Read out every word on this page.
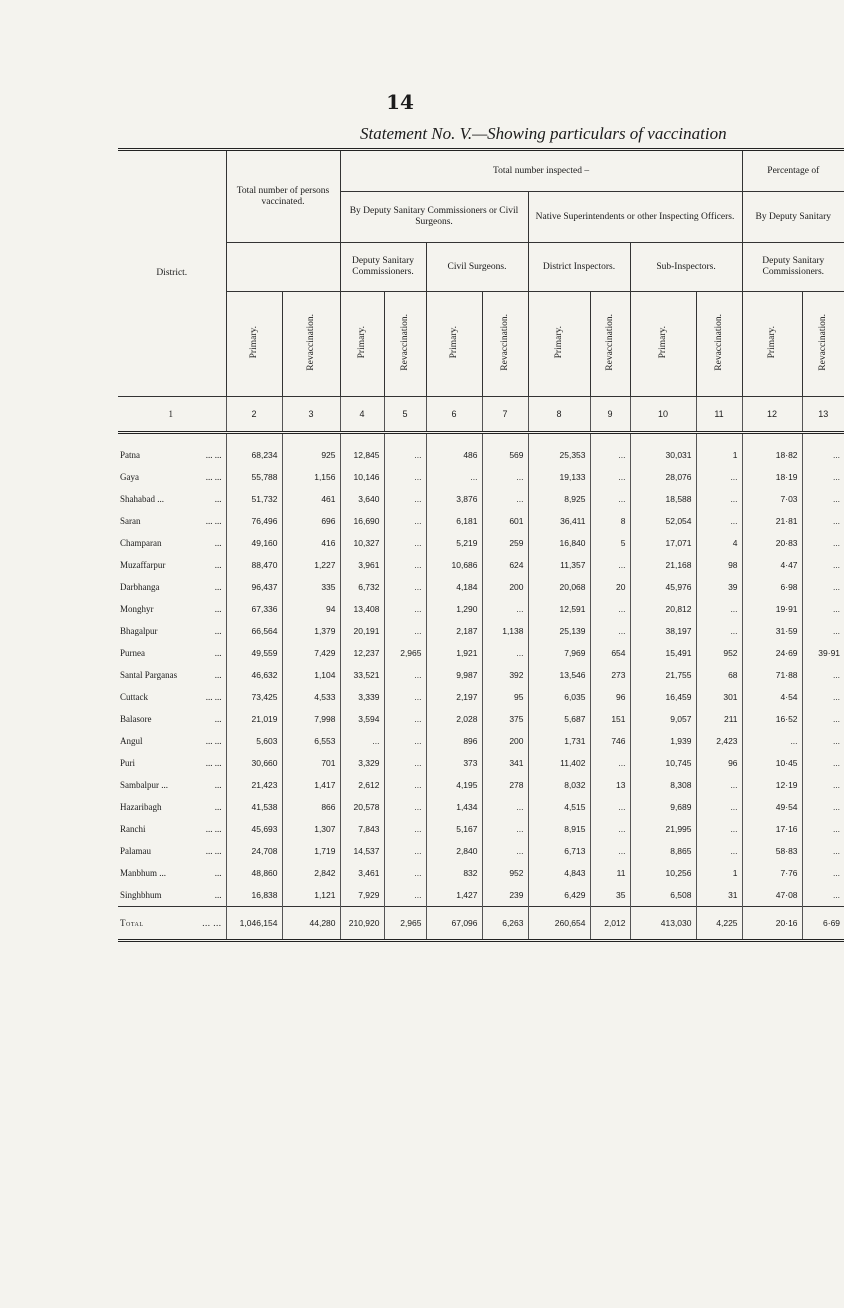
14
Statement No. V.—Showing particulars of vaccination
District.	Total number of persons vaccinated.		Total number inspected –								Percentage of	
			By Deputy Sanitary Commissioners or Civil Surgeons.				Native Superintendents or other Inspecting Officers.				By Deputy Sanitary	
			Deputy Sanitary Commissioners.		Civil Surgeons.		District Inspectors.		Sub-Inspectors.		Deputy Sanitary Commissioners.	
	Primary.	Revaccination.	Primary.	Revaccination.	Primary.	Revaccination.	Primary.	Revaccination.	Primary.	Revaccination.	Primary.	Revaccination.
1	2	3	4	5	6	7	8	9	10	11	12	13

Patna ... ...	68,234	925	12,845	...	486	569	25,353	...	30,031	1	18·82	...

Gaya ... ...	55,788	1,156	10,146	...	...	...	19,133	...	28,076	...	18·19	...

Shahabad ... ...	51,732	461	3,640	...	3,876	...	8,925	...	18,588	...	7·03	...

Saran ... ...	76,496	696	16,690	...	6,181	601	36,411	8	52,054	...	21·81	...

Champaran ...	49,160	416	10,327	...	5,219	259	16,840	5	17,071	4	20·83	...

Muzaffarpur ...	88,470	1,227	3,961	...	10,686	624	11,357	...	21,168	98	4·47	...

Darbhanga ...	96,437	335	6,732	...	4,184	200	20,068	20	45,976	39	6·98	...

Monghyr ...	67,336	94	13,408	...	1,290	...	12,591	...	20,812	...	19·91	...

Bhagalpur ...	66,564	1,379	20,191	...	2,187	1,138	25,139	...	38,197	...	31·59	...

Purnea ...	49,559	7,429	12,237	2,965	1,921	...	7,969	654	15,491	952	24·69	39·91

Santal Parganas ...	46,632	1,104	33,521	...	9,987	392	13,546	273	21,755	68	71·88	...

Cuttack ... ...	73,425	4,533	3,339	...	2,197	95	6,035	96	16,459	301	4·54	...

Balasore ...	21,019	7,998	3,594	...	2,028	375	5,687	151	9,057	211	16·52	...

Angul ... ...	5,603	6,553	...	...	896	200	1,731	746	1,939	2,423	...	...

Puri ... ...	30,660	701	3,329	...	373	341	11,402	...	10,745	96	10·45	...

Sambalpur ... ...	21,423	1,417	2,612	...	4,195	278	8,032	13	8,308	...	12·19	...

Hazaribagh ...	41,538	866	20,578	...	1,434	...	4,515	...	9,689	...	49·54	...

Ranchi ... ...	45,693	1,307	7,843	...	5,167	...	8,915	...	21,995	...	17·16	...

Palamau ... ...	24,708	1,719	14,537	...	2,840	...	6,713	...	8,865	...	58·83	...

Manbhum ... ...	48,860	2,842	3,461	...	832	952	4,843	11	10,256	1	7·76	...

Singhbhum ...	16,838	1,121	7,929	...	1,427	239	6,429	35	6,508	31	47·08	...

Total ... ...	1,046,154	44,280	210,920	2,965	67,096	6,263	260,654	2,012	413,030	4,225	20·16	6·69
